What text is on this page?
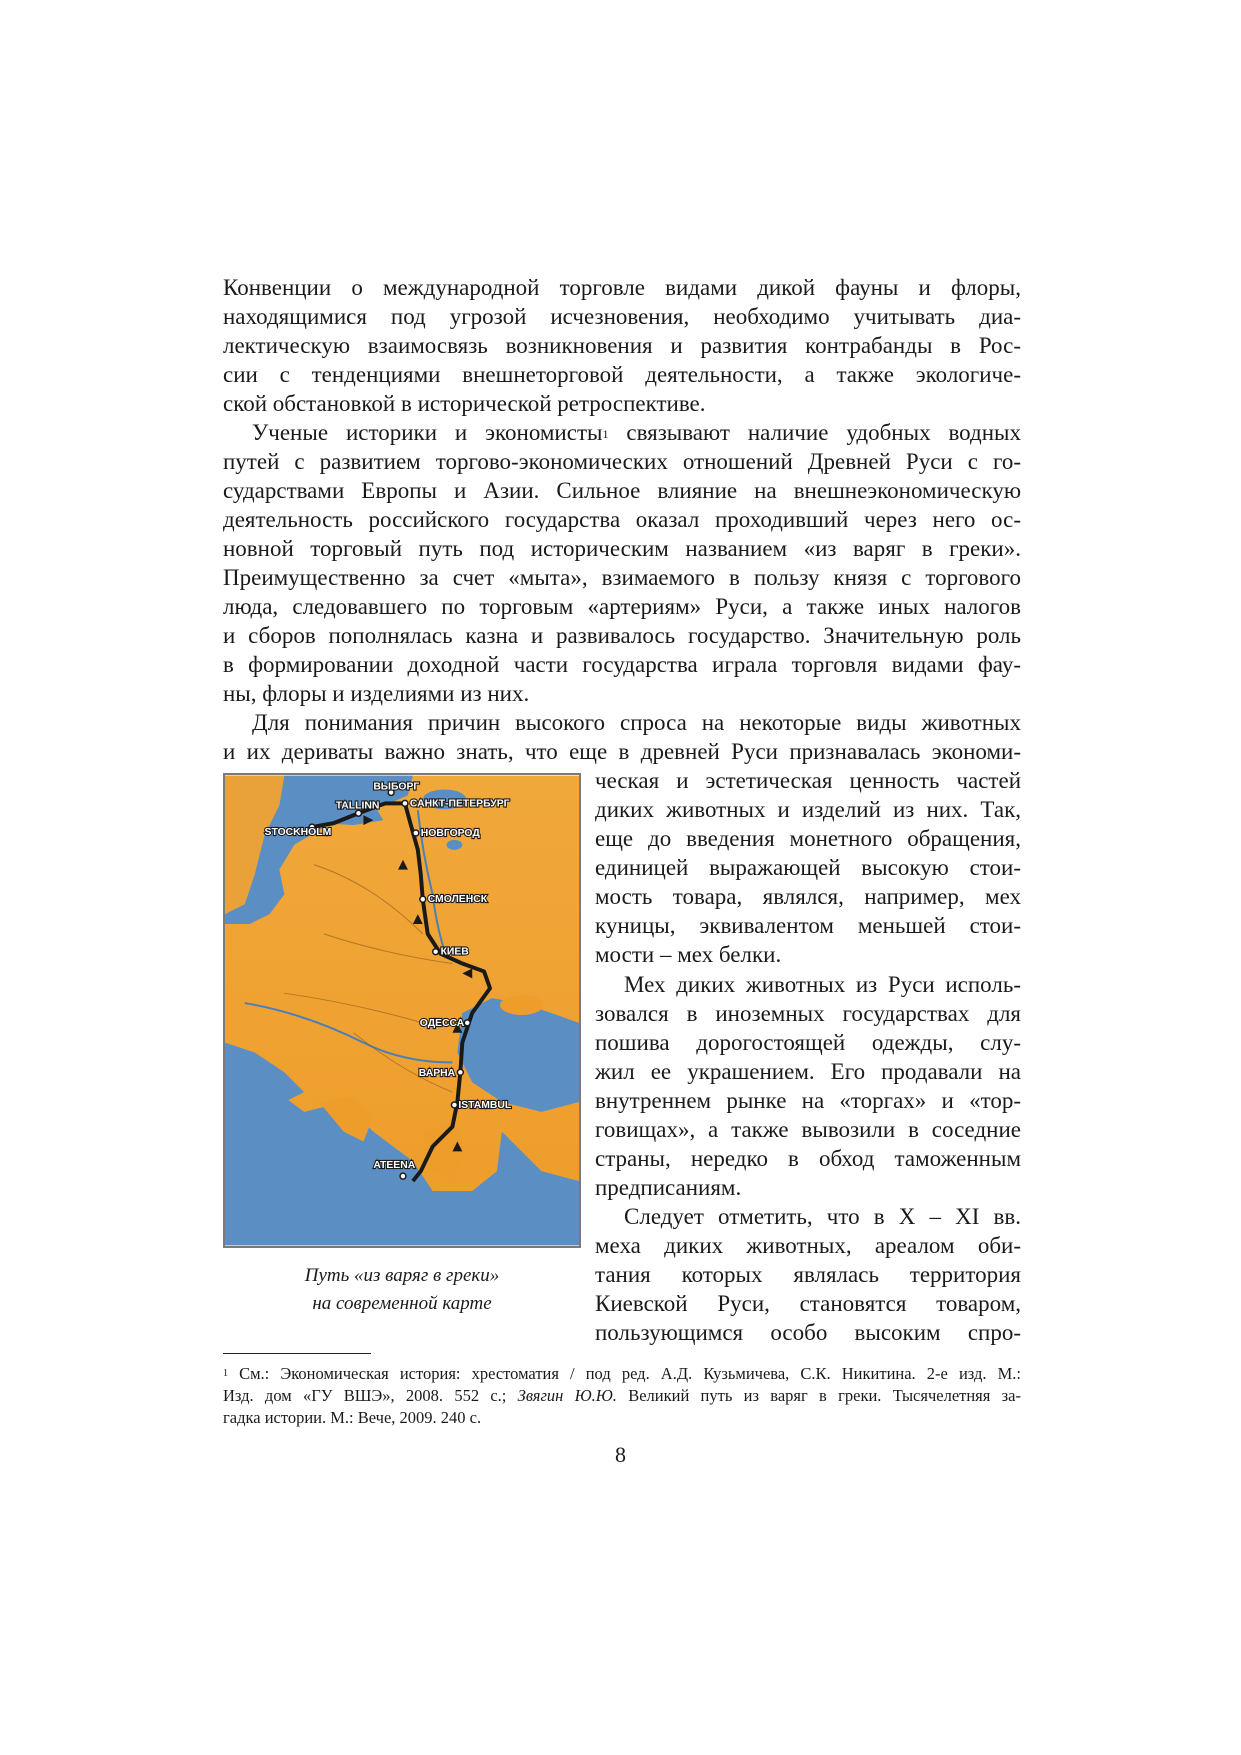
Конвенции о международной торговле видами дикой фауны и флоры,

находящимися под угрозой исчезновения, необходимо учитывать диа-

лектическую взаимосвязь возникновения и развития контрабанды в Рос-

сии с тенденциями внешнеторговой деятельности, а также экологиче-

ской обстановкой в исторической ретроспективе.

Ученые историки и экономисты$^1$ связывают наличие удобных водных

путей с развитием торгово-экономических отношений Древней Руси с го-

сударствами Европы и Азии. Сильное влияние на внешнеэкономическую

деятельность российского государства оказал проходивший через него ос-

новной торговый путь под историческим названием «из варяг в греки».

Преимущественно за счет «мыта», взимаемого в пользу князя с торгового

люда, следовавшего по торговым «артериям» Руси, а также иных налогов

и сборов пополнялась казна и развивалось государство. Значительную роль

в формировании доходной части государства играла торговля видами фау-

ны, флоры и изделиями из них.

Для понимания причин высокого спроса на некоторые виды животных

и их дериваты важно знать, что еще в древней Руси признавалась экономи-

ВЫБОРГ
САНКТ-ПЕТЕРБУРГ
TALLINN
STOCKHOLM	НОВГОРОД
СМОЛЕНСК
КИЕВ
ОДЕССА
ВАРНА
ISTAMBUL
ATEENA
Путь «из варяг в греки»
на современной карте

ческая и эстетическая ценность частей

диких животных и изделий из них. Так,

еще до введения монетного обращения,

единицей выражающей высокую стои-

мость товара, являлся, например, мех

куницы, эквивалентом меньшей стои-

мости – мех белки.

Мех диких животных из Руси исполь-

зовался в иноземных государствах для

пошива дорогостоящей одежды, слу-

жил ее украшением. Его продавали на

внутреннем рынке на «торгах» и «тор-

говищах», а также вывозили в соседние

страны, нередко в обход таможенным

предписаниям.

Следует отметить, что в X – XI вв.

меха диких животных, ареалом оби-

тания которых являлась территория

Киевской Руси, становятся товаром,

пользующимся особо высоким спро-

$^1$ См.: Экономическая история: хрестоматия / под ред. А.Д. Кузьмичева, С.К. Никитина. 2-е изд. М.:

Изд. дом «ГУ ВШЭ», 2008. 552 с.; Звягин Ю.Ю. Великий путь из варяг в греки. Тысячелетняя за-

гадка истории. М.: Вече, 2009. 240 с.

8
